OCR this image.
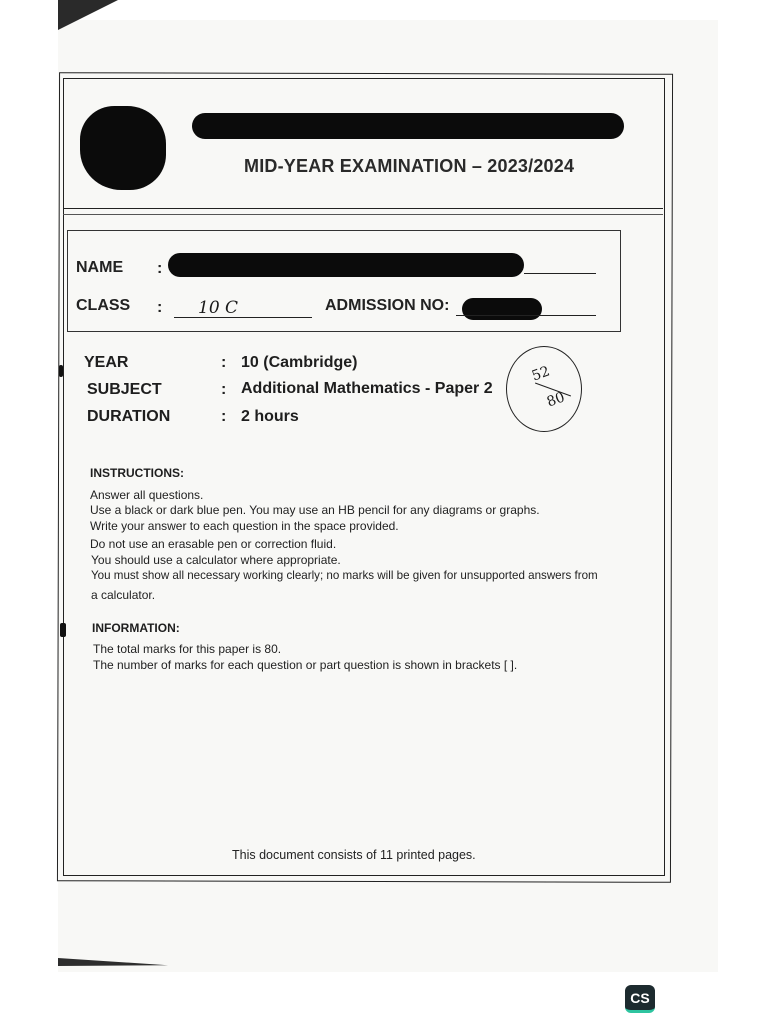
MID-YEAR EXAMINATION – 2023/2024
NAME :
CLASS : 10 C	ADMISSION NO:
YEAR	: 10 (Cambridge)
SUBJECT	: Additional Mathematics - Paper 2
DURATION	: 2 hours
52
80
INSTRUCTIONS:
Answer all questions.
Use a black or dark blue pen. You may use an HB pencil for any diagrams or graphs.
Write your answer to each question in the space provided.
Do not use an erasable pen or correction fluid.
You should use a calculator where appropriate.
You must show all necessary working clearly; no marks will be given for unsupported answers from
a calculator.
INFORMATION:
The total marks for this paper is 80.
The number of marks for each question or part question is shown in brackets [ ].
This document consists of 11 printed pages.
CS
